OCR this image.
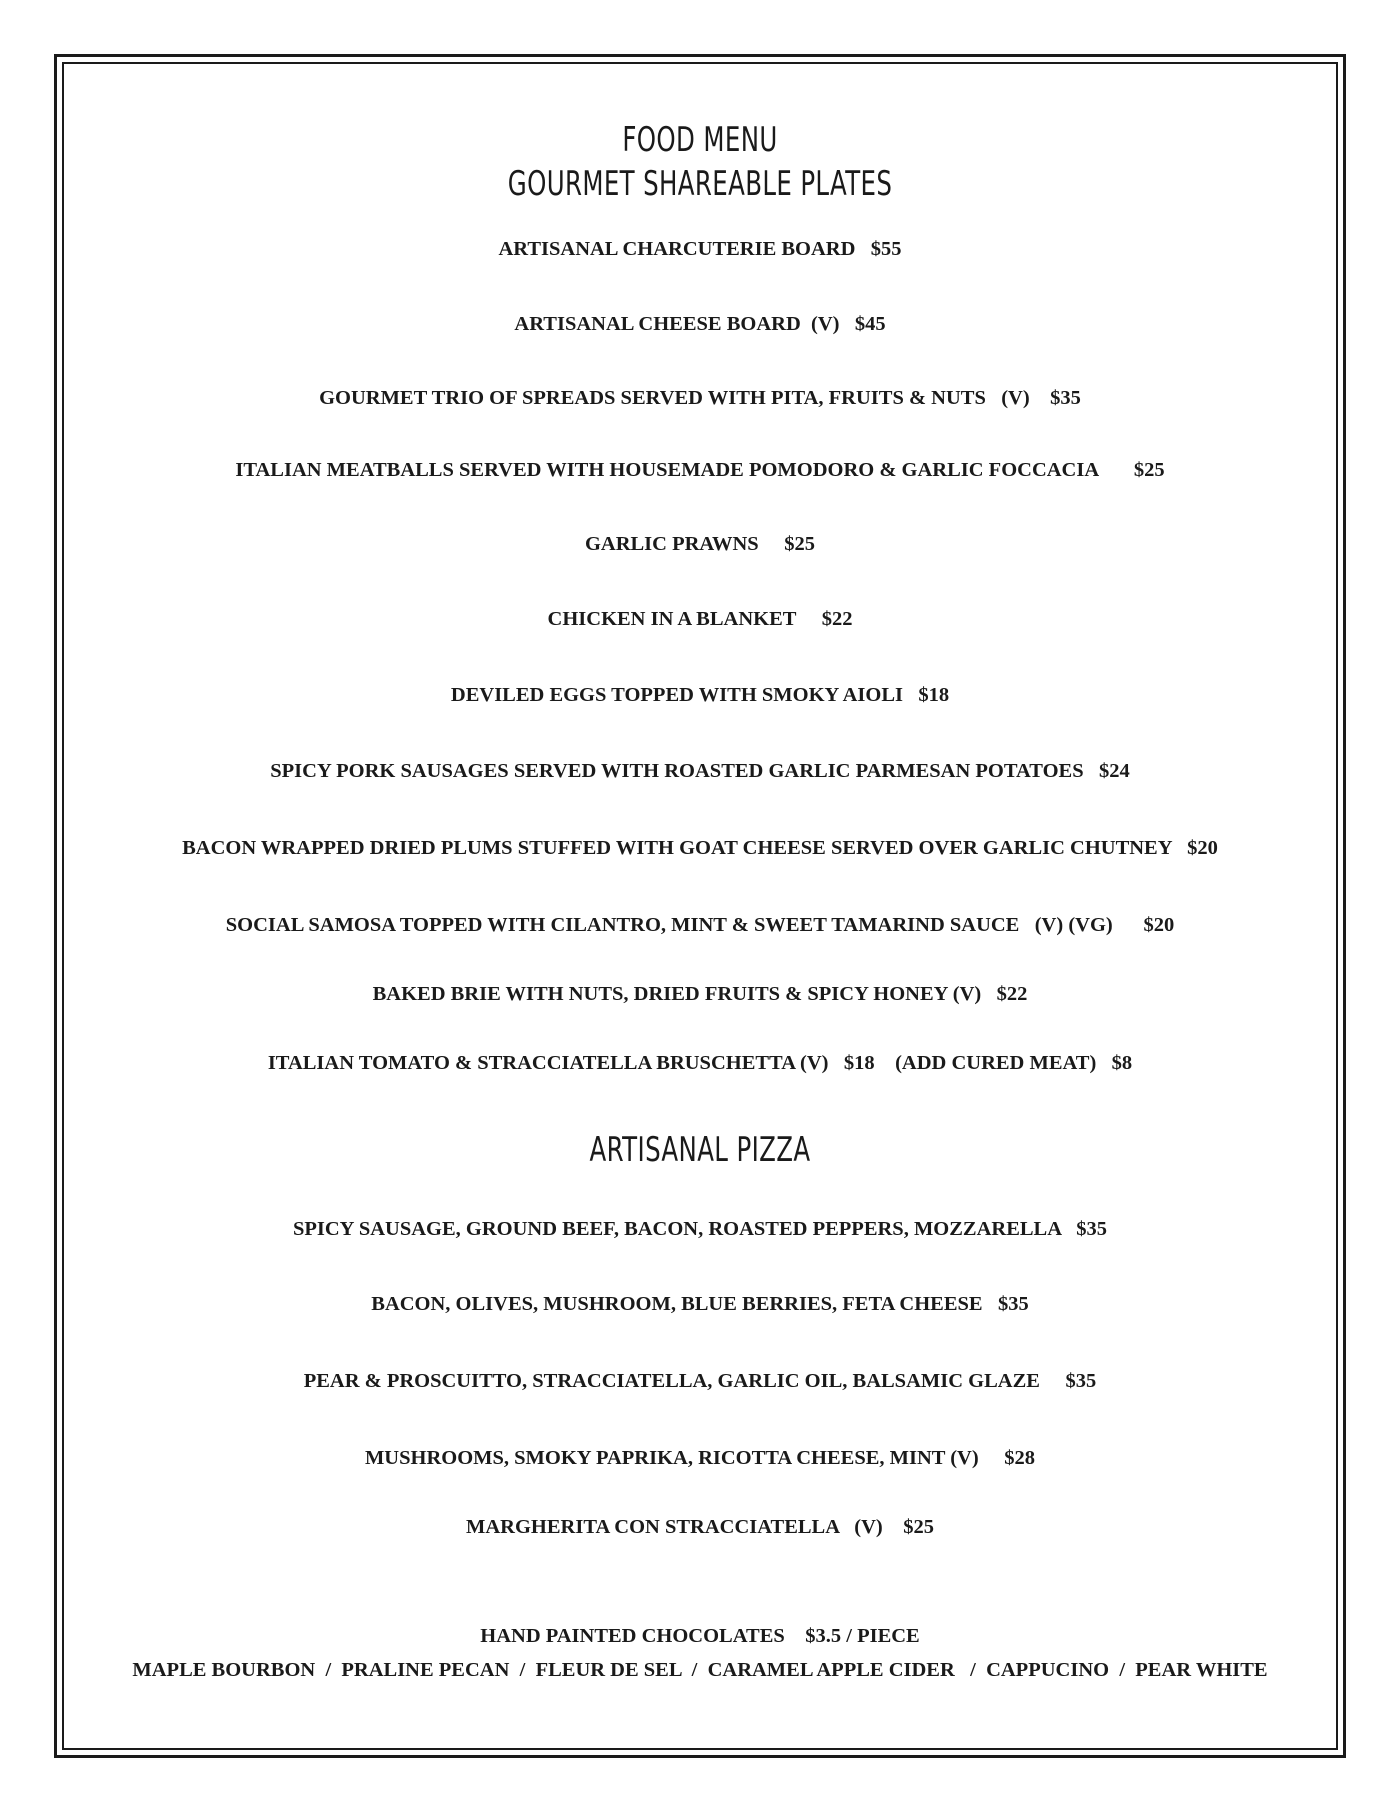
FOOD MENU
GOURMET SHAREABLE PLATES
ARTISANAL CHARCUTERIE BOARD   $55
ARTISANAL CHEESE BOARD  (V)   $45
GOURMET TRIO OF SPREADS SERVED WITH PITA, FRUITS & NUTS   (V)    $35
ITALIAN MEATBALLS SERVED WITH HOUSEMADE POMODORO & GARLIC FOCCACIA       $25
GARLIC PRAWNS     $25
CHICKEN IN A BLANKET     $22
DEVILED EGGS TOPPED WITH SMOKY AIOLI   $18
SPICY PORK SAUSAGES SERVED WITH ROASTED GARLIC PARMESAN POTATOES   $24
BACON WRAPPED DRIED PLUMS STUFFED WITH GOAT CHEESE SERVED OVER GARLIC CHUTNEY   $20
SOCIAL SAMOSA TOPPED WITH CILANTRO, MINT & SWEET TAMARIND SAUCE   (V) (VG)      $20
BAKED BRIE WITH NUTS, DRIED FRUITS & SPICY HONEY (V)   $22
ITALIAN TOMATO & STRACCIATELLA BRUSCHETTA (V)   $18    (ADD CURED MEAT)   $8
ARTISANAL PIZZA
SPICY SAUSAGE, GROUND BEEF, BACON, ROASTED PEPPERS, MOZZARELLA   $35
BACON, OLIVES, MUSHROOM, BLUE BERRIES, FETA CHEESE   $35
PEAR & PROSCUITTO, STRACCIATELLA, GARLIC OIL, BALSAMIC GLAZE     $35
MUSHROOMS, SMOKY PAPRIKA, RICOTTA CHEESE, MINT (V)     $28
MARGHERITA CON STRACCIATELLA   (V)    $25
HAND PAINTED CHOCOLATES    $3.5 / PIECE
MAPLE BOURBON  /  PRALINE PECAN  /  FLEUR DE SEL  /  CARAMEL APPLE CIDER   /  CAPPUCINO  /  PEAR WHITE
